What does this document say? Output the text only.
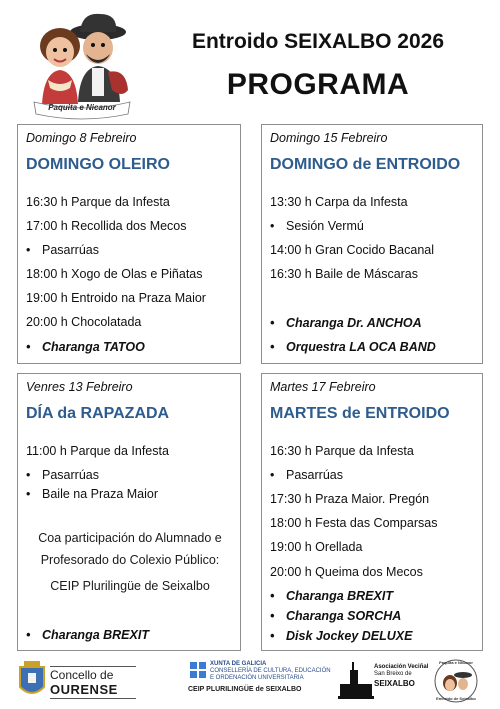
Paquita e Nicanor
Entroido SEIXALBO 2026
PROGRAMA
Domingo 8 Febreiro
DOMINGO OLEIRO
16:30 h Parque da Infesta
17:00 h Recollida dos Mecos
• Pasarrúas
18:00 h Xogo de Olas e Piñatas
19:00 h Entroido na Praza Maior
20:00 h Chocolatada
• Charanga TATOO
Domingo 15 Febreiro
DOMINGO de ENTROIDO
13:30 h Carpa da Infesta
• Sesión Vermú
14:00 h Gran Cocido Bacanal
16:30 h Baile de Máscaras
• Charanga Dr. ANCHOA
• Orquestra LA OCA BAND
Venres 13 Febreiro
DÍA da RAPAZADA
11:00 h Parque da Infesta
• Pasarrúas
• Baile na Praza Maior
Coa participación do Alumnado e
Profesorado do Colexio Público:
CEIP Plurilingüe de Seixalbo
• Charanga BREXIT
Martes 17 Febreiro
MARTES de ENTROIDO
16:30 h Parque da Infesta
• Pasarrúas
17:30 h Praza Maior. Pregón
18:00 h Festa das Comparsas
19:00 h Orellada
20:00 h Queima dos Mecos
• Charanga BREXIT
• Charanga SORCHA
• Disk Jockey DELUXE
Concello de
OURENSE
XUNTA DE GALICIA
CONSELLERÍA DE CULTURA, EDUCACIÓN
E ORDENACIÓN UNIVERSITARIA
CEIP PLURILINGÜE de SEIXALBO
Asociación Veciñal
San Breixo de
SEIXALBO
Paquita e Nicanor
Entroido de Seixalbo
